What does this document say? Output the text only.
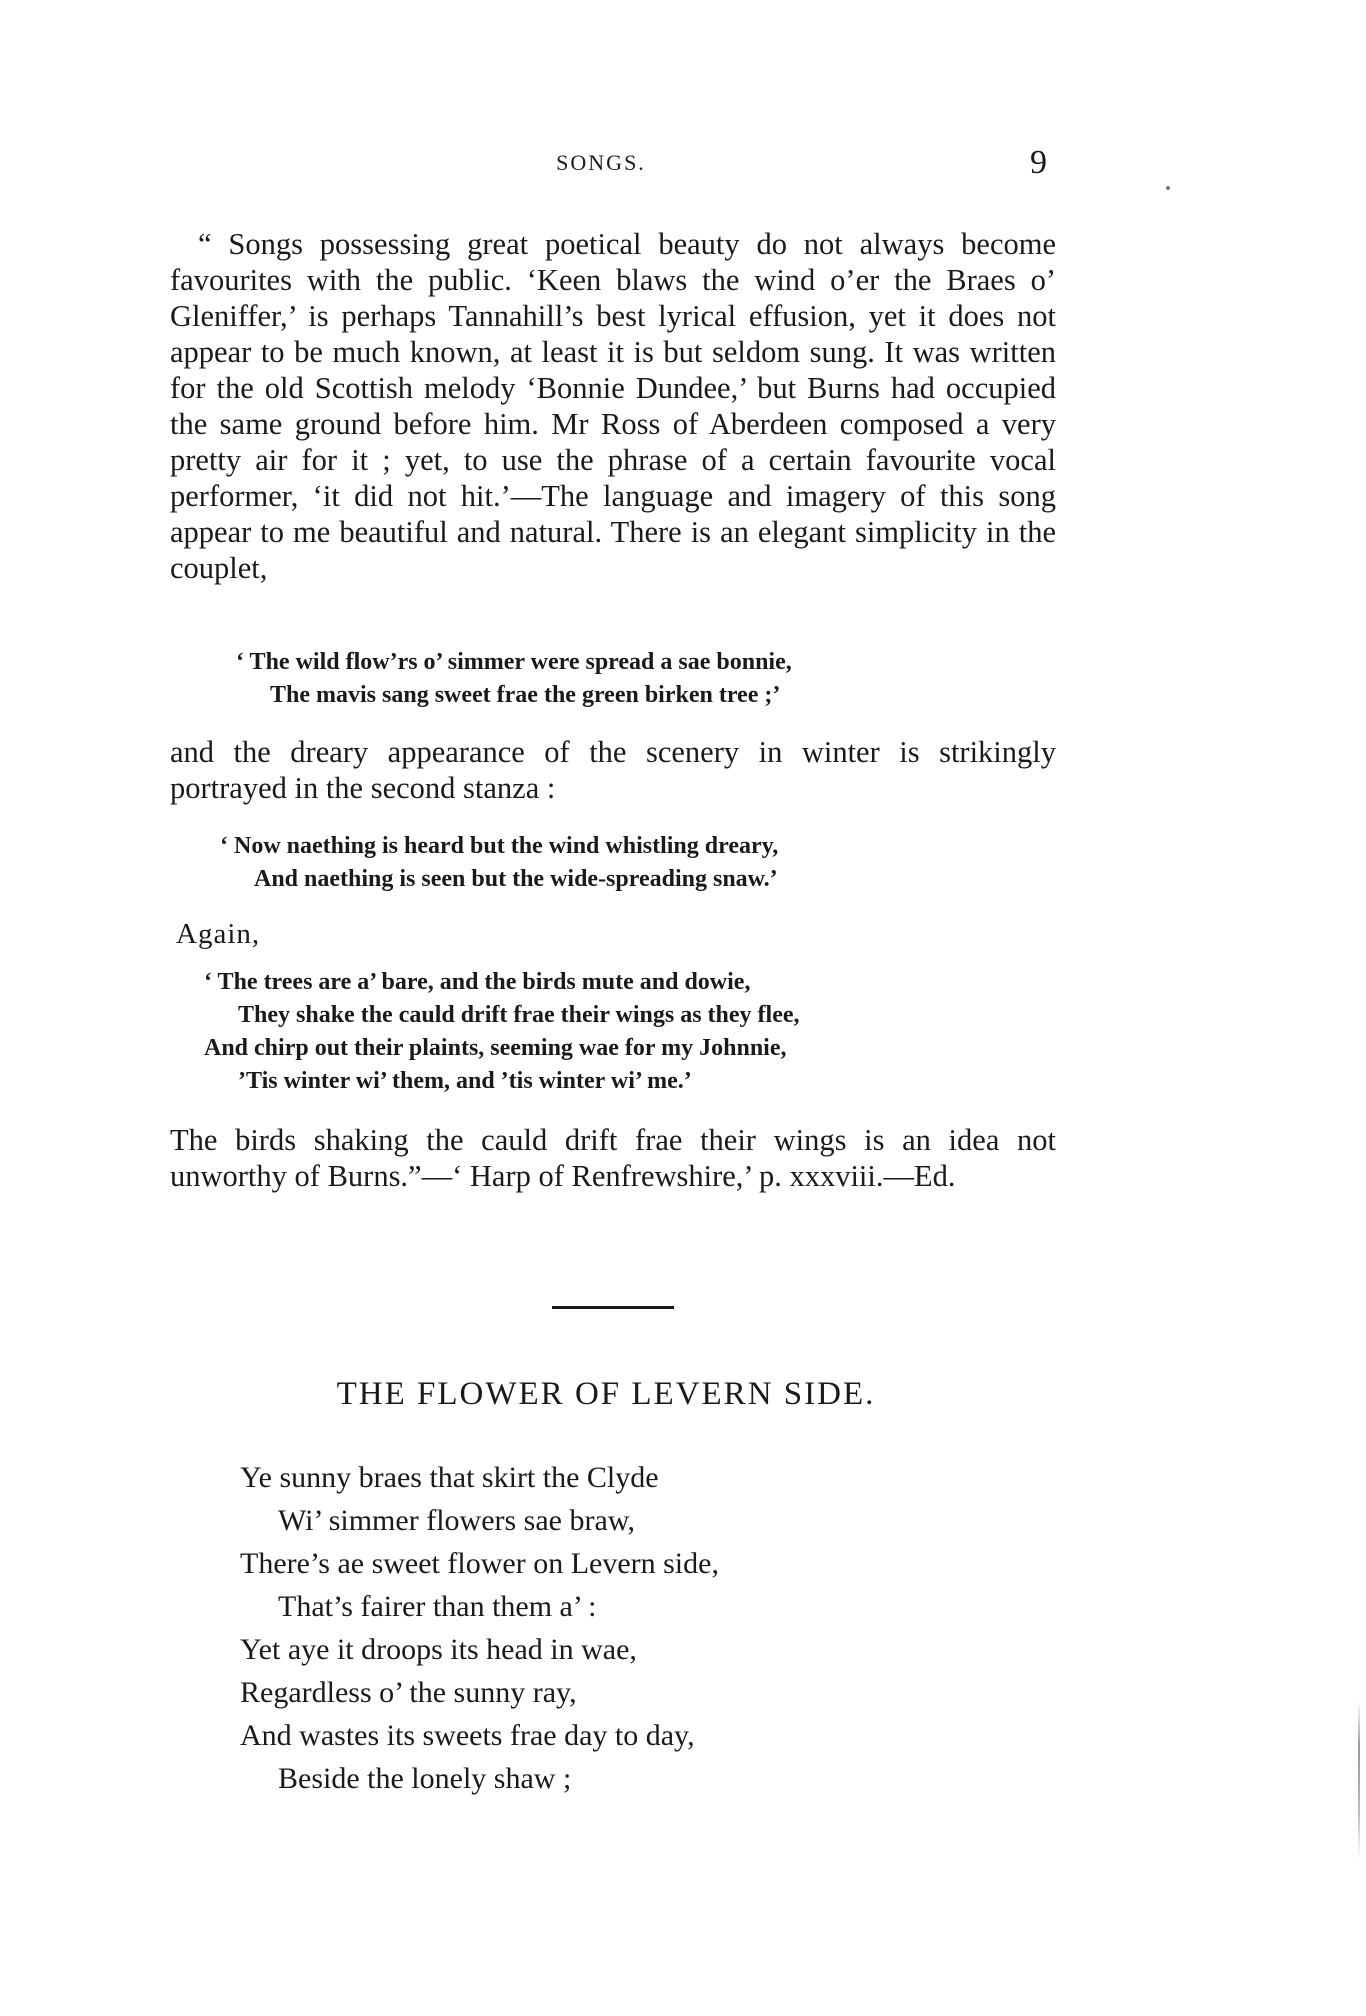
SONGS.	9

“ Songs possessing great poetical beauty do not always become favourites with the public. ‘Keen blaws the wind o’er the Braes o’ Gleniffer,’ is perhaps Tannahill’s best lyrical effusion, yet it does not appear to be much known, at least it is but seldom sung. It was written for the old Scottish melody ‘Bonnie Dundee,’ but Burns had occupied the same ground before him. Mr Ross of Aberdeen composed a very pretty air for it ; yet, to use the phrase of a certain favourite vocal performer, ‘it did not hit.’—The language and imagery of this song appear to me beautiful and natural. There is an elegant simplicity in the couplet,

‘ The wild flow’rs o’ simmer were spread a sae bonnie,
The mavis sang sweet frae the green birken tree ;’

and the dreary appearance of the scenery in winter is strikingly portrayed in the second stanza :

‘ Now naething is heard but the wind whistling dreary,
And naething is seen but the wide-spreading snaw.’
Again,
‘ The trees are a’ bare, and the birds mute and dowie,
They shake the cauld drift frae their wings as they flee,
And chirp out their plaints, seeming wae for my Johnnie,
’Tis winter wi’ them, and ’tis winter wi’ me.’

The birds shaking the cauld drift frae their wings is an idea not unworthy of Burns.”—‘ Harp of Renfrewshire,’ p. xxxviii.—Ed.

THE FLOWER OF LEVERN SIDE.
Ye sunny braes that skirt the Clyde
Wi’ simmer flowers sae braw,
There’s ae sweet flower on Levern side,
That’s fairer than them a’ :
Yet aye it droops its head in wae,
Regardless o’ the sunny ray,
And wastes its sweets frae day to day,
Beside the lonely shaw ;
